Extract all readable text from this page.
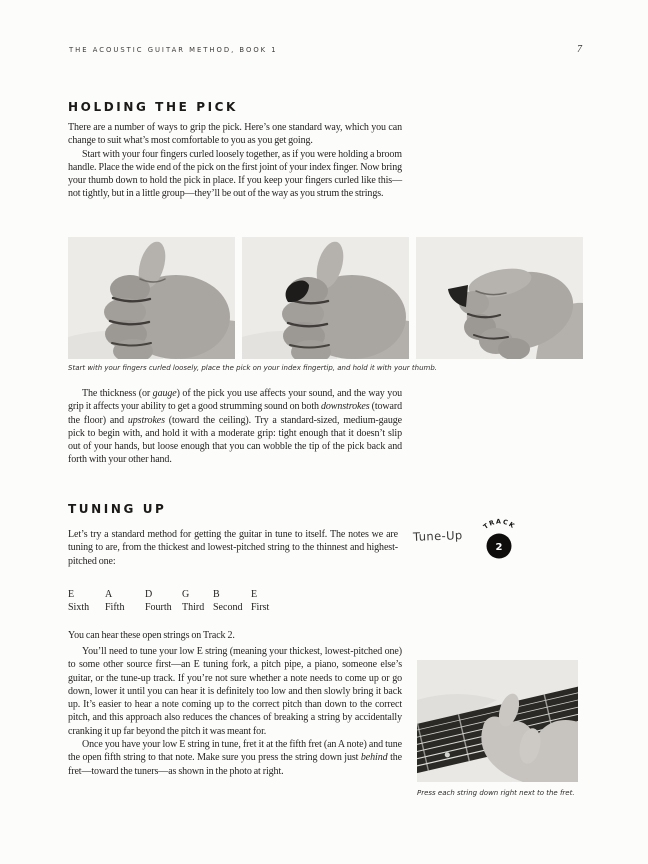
THE ACOUSTIC GUITAR METHOD, BOOK 1	7
HOLDING THE PICK

There are a number of ways to grip the pick. Here’s one standard way, which you can change to suit what’s most comfortable to you as you get going.

Start with your four fingers curled loosely together, as if you were holding a broom handle. Place the wide end of the pick on the first joint of your index finger. Now bring your thumb down to hold the pick in place. If you keep your fingers curled like this—not tightly, but in a little group—they’ll be out of the way as you strum the strings.

Start with your fingers curled loosely, place the pick on your index fingertip, and hold it with your thumb.

The thickness (or gauge) of the pick you use affects your sound, and the way you grip it affects your ability to get a good strumming sound on both downstrokes (toward the floor) and upstrokes (toward the ceiling). Try a standard-sized, medium-gauge pick to begin with, and hold it with a moderate grip: tight enough that it doesn’t slip out of your hands, but loose enough that you can wobble the tip of the pick back and forth with your other hand.

TUNING UP

Let’s try a standard method for getting the guitar in tune to itself. The notes we are tuning to are, from the thickest and lowest-pitched string to the thinnest and highest-pitched one:

Tune-Up
TRACK
2
E	A	D	G	B	E
Sixth	Fifth	Fourth	Third Second First

You can hear these open strings on Track 2.

You’ll need to tune your low E string (meaning your thickest, lowest-pitched one) to some other source first—an E tuning fork, a pitch pipe, a piano, someone else’s guitar, or the tune-up track. If you’re not sure whether a note needs to come up or go down, lower it until you can hear it is definitely too low and then slowly bring it back up. It’s easier to hear a note coming up to the correct pitch than down to the correct pitch, and this approach also reduces the chances of breaking a string by accidentally cranking it up far beyond the pitch it was meant for.

Once you have your low E string in tune, fret it at the fifth fret (an A note) and tune the open fifth string to that note. Make sure you press the string down just behind the fret—toward the tuners—as shown in the photo at right.

Press each string down right next to the fret.
